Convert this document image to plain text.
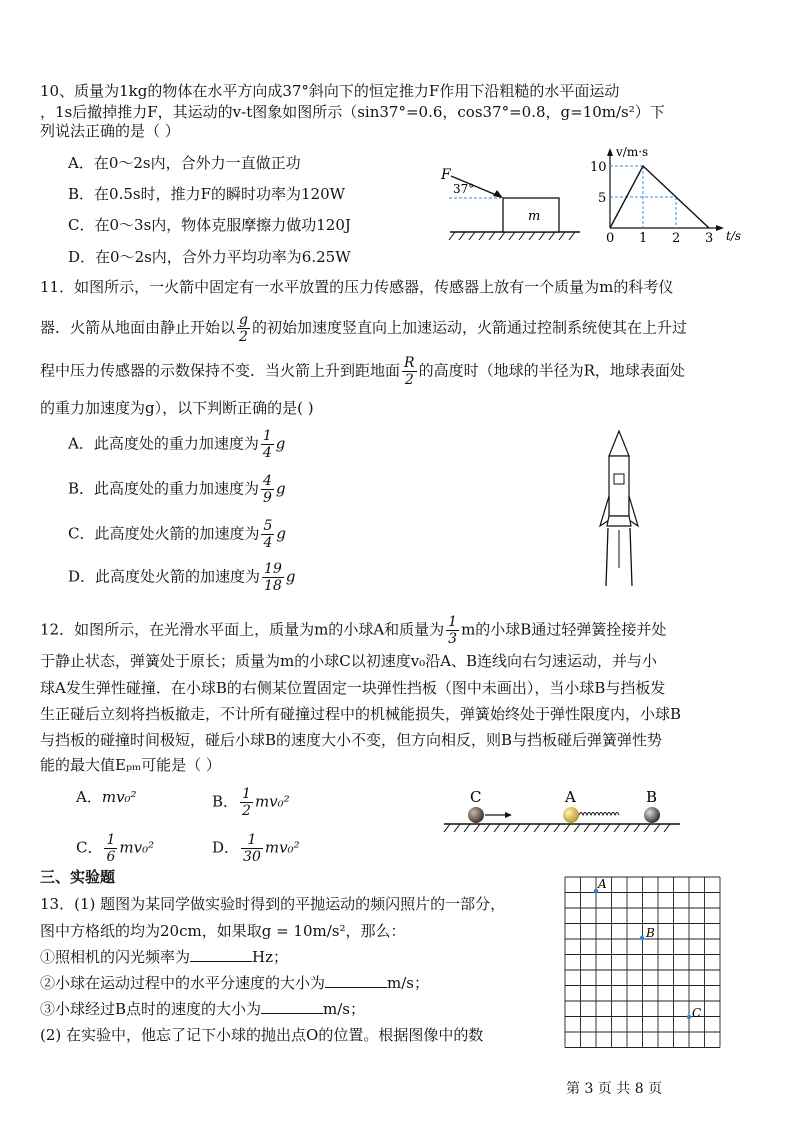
10、质量为1kg的物体在水平方向成37°斜向下的恒定推力F作用下沿粗糙的水平面运动
，1s后撤掉推力F，其运动的v-t图象如图所示（sin37°=0.6，cos37°=0.8，g=10m/s²）下
列说法正确的是（ ）
A．在0～2s内，合外力一直做正功
B．在0.5s时，推力F的瞬时功率为120W
C．在0～3s内，物体克服摩擦力做功120J
D．在0～2s内，合外力平均功率为6.25W
m
F
37°
v/m·s
t/s
0 1 2 3
5
10
11．如图所示，一火箭中固定有一水平放置的压力传感器，传感器上放有一个质量为m的科考仪
器．火箭从地面由静止开始以 $\frac{g}{2}$ 的初始加速度竖直向上加速运动，火箭通过控制系统使其在上升过
程中压力传感器的示数保持不变．当火箭上升到距地面 $\frac{R}{2}$ 的高度时（地球的半径为R，地球表面处
的重力加速度为g），以下判断正确的是( )
A．此高度处的重力加速度为 $\frac{1}{4}$ g
B．此高度处的重力加速度为 $\frac{4}{9}$ g
C．此高度处火箭的加速度为 $\frac{5}{4}$ g
D．此高度处火箭的加速度为 $\frac{19}{18}$ g
12．如图所示，在光滑水平面上，质量为m的小球A和质量为 $\frac{1}{3}$ m的小球B通过轻弹簧拴接并处
于静止状态，弹簧处于原长；质量为m的小球C以初速度v₀沿A、B连线向右匀速运动，并与小
球A发生弹性碰撞．在小球B的右侧某位置固定一块弹性挡板（图中未画出），当小球B与挡板发
生正碰后立刻将挡板撤走，不计所有碰撞过程中的机械能损失，弹簧始终处于弹性限度内，小球B
与挡板的碰撞时间极短，碰后小球B的速度大小不变，但方向相反，则B与挡板碰后弹簧弹性势
能的最大值Eₚₘ可能是（ ）
A．mv₀²	B． $\frac{1}{2} mv_0^2$
C． $\frac{1}{6} mv_0^2$	D． $\frac{1}{30} mv_0^2$
C	A	B
三、实验题
13．(1) 题图为某同学做实验时得到的平抛运动的频闪照片的一部分，
图中方格纸的均为20cm，如果取g = 10m/s²，那么：
①照相机的闪光频率为	Hz；
②小球在运动过程中的水平分速度的大小为	m/s；
③小球经过B点时的速度的大小为	m/s；
(2) 在实验中，他忘了记下小球的抛出点O的位置。根据图像中的数
A
B
C
第 3 页 共 8 页
